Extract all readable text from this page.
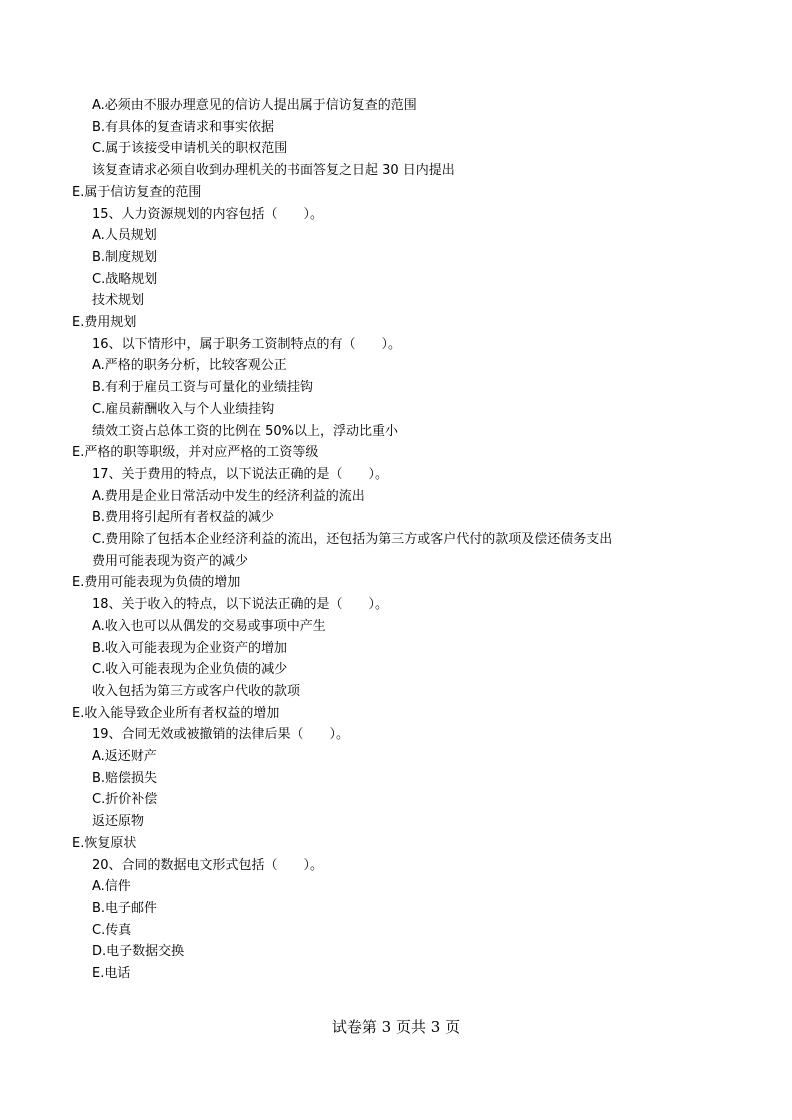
A.必须由不服办理意见的信访人提出属于信访复查的范围
B.有具体的复查请求和事实依据
C.属于该接受申请机关的职权范围
该复查请求必须自收到办理机关的书面答复之日起 30 日内提出
E.属于信访复查的范围
15、人力资源规划的内容包括（　　）。
A.人员规划
B.制度规划
C.战略规划
技术规划
E.费用规划
16、以下情形中，属于职务工资制特点的有（　　）。
A.严格的职务分析，比较客观公正
B.有利于雇员工资与可量化的业绩挂钩
C.雇员薪酬收入与个人业绩挂钩
绩效工资占总体工资的比例在 50%以上，浮动比重小
E.严格的职等职级，并对应严格的工资等级
17、关于费用的特点，以下说法正确的是（　　）。
A.费用是企业日常活动中发生的经济利益的流出
B.费用将引起所有者权益的减少
C.费用除了包括本企业经济利益的流出，还包括为第三方或客户代付的款项及偿还债务支出
费用可能表现为资产的减少
E.费用可能表现为负债的增加
18、关于收入的特点，以下说法正确的是（　　）。
A.收入也可以从偶发的交易或事项中产生
B.收入可能表现为企业资产的增加
C.收入可能表现为企业负债的减少
收入包括为第三方或客户代收的款项
E.收入能导致企业所有者权益的增加
19、合同无效或被撤销的法律后果（　　）。
A.返还财产
B.赔偿损失
C.折价补偿
返还原物
E.恢复原状
20、合同的数据电文形式包括（　　）。
A.信件
B.电子邮件
C.传真
D.电子数据交换
E.电话
试卷第 3 页共 3 页
